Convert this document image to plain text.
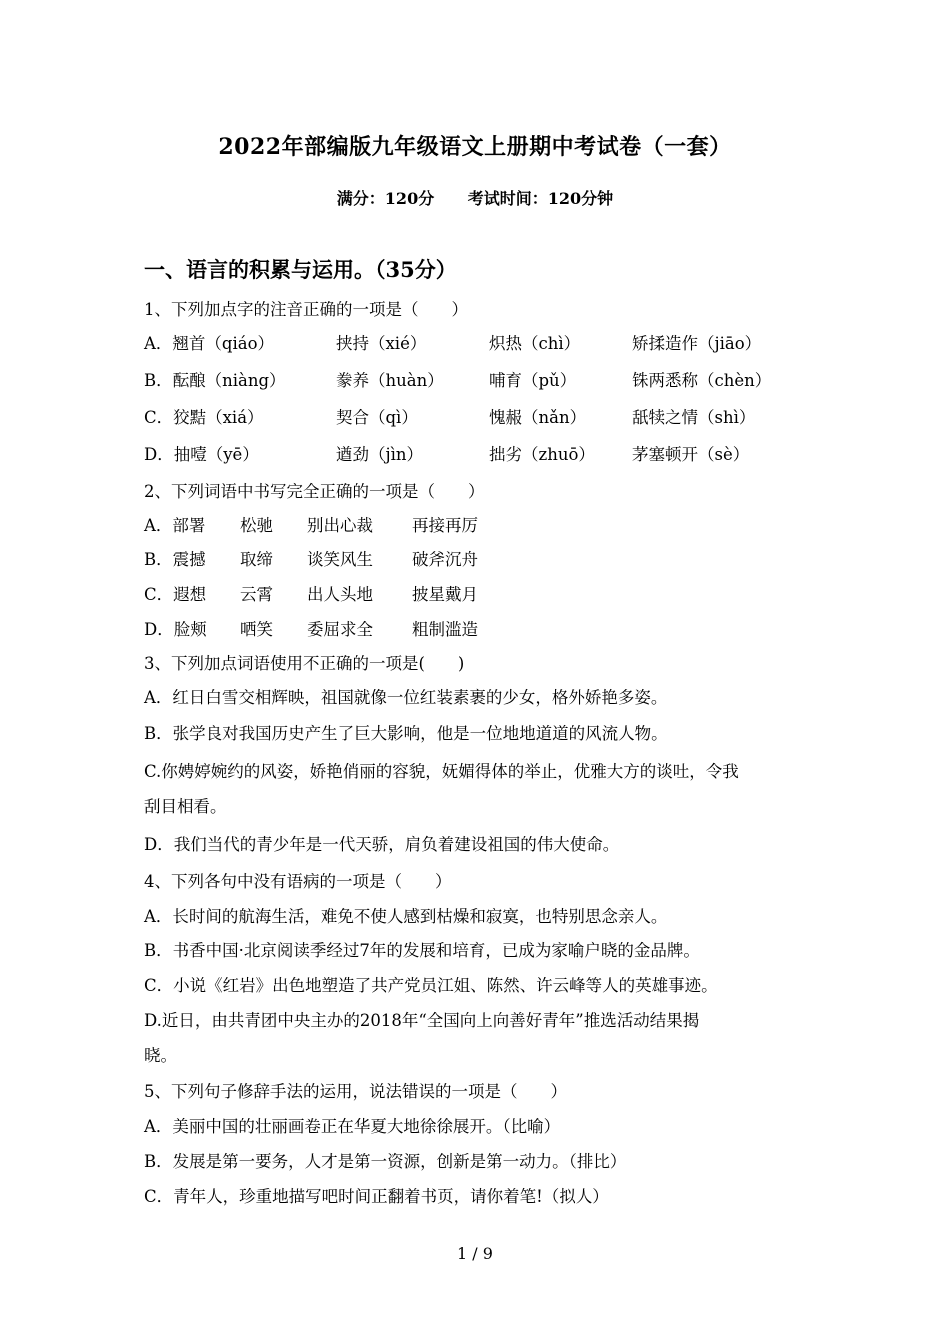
2022年部编版九年级语文上册期中考试卷（一套）
满分：120分 考试时间：120分钟
一、语言的积累与运用。（35分）
1、下列加点字的注音正确的一项是（　　）
A．翘首（qiáo）	挟持（xié）	炽热（chì）	矫揉造作（jiāo）
B．酝酿（niàng）	豢养（huàn）	哺育（pǔ）	铢两悉称（chèn）
C．狡黠（xiá）	契合（qì）	愧赧（nǎn）	舐犊之情（shì）
D．抽噎（yē）	遒劲（jìn）	拙劣（zhuō） 茅塞顿开（sè）
2、下列词语中书写完全正确的一项是（　　）
A．部署 松驰 别出心裁 再接再厉
B．震撼 取缔 谈笑风生 破斧沉舟
C．遐想 云霄 出人头地 披星戴月
D．脸颊 哂笑 委屈求全 粗制滥造
3、下列加点词语使用不正确的一项是(　　)
A．红日白雪交相辉映，祖国就像一位红装素裹的少女，格外娇艳多姿。
B．张学良对我国历史产生了巨大影响，他是一位地地道道的风流人物。
C.你娉婷婉约的风姿，娇艳俏丽的容貌，妩媚得体的举止，优雅大方的谈吐，令我
刮目相看。
D．我们当代的青少年是一代天骄，肩负着建设祖国的伟大使命。
4、下列各句中没有语病的一项是（　　）
A．长时间的航海生活，难免不使人感到枯燥和寂寞，也特别思念亲人。
B．书香中国·北京阅读季经过7年的发展和培育，已成为家喻户晓的金品牌。
C．小说《红岩》出色地塑造了共产党员江姐、陈然、许云峰等人的英雄事迹。
D.近日，由共青团中央主办的2018年“全国向上向善好青年”推选活动结果揭
晓。
5、下列句子修辞手法的运用，说法错误的一项是（　　）
A．美丽中国的壮丽画卷正在华夏大地徐徐展开。（比喻）
B．发展是第一要务，人才是第一资源，创新是第一动力。（排比）
C．青年人，珍重地描写吧时间正翻着书页，请你着笔!（拟人）
1 / 9
